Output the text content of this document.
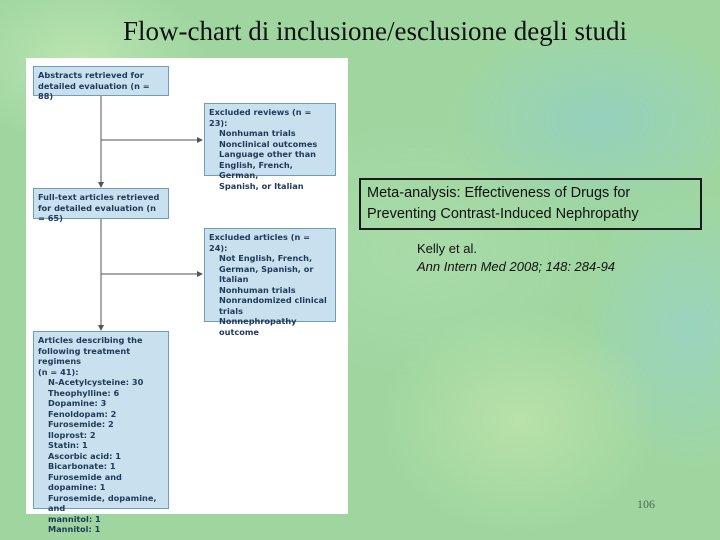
Flow-chart di inclusione/esclusione degli studi

Abstracts retrieved for detailed evaluation (n = 88)

Excluded reviews (n = 23):

Nonhuman trials
Nonclinical outcomes
Language other than
English, French, German,
Spanish, or Italian

Full-text articles retrieved for detailed evaluation (n = 65)

Excluded articles (n = 24):

Not English, French,
German, Spanish, or
Italian
Nonhuman trials
Nonrandomized clinical
trials
Nonnephropathy outcome
Articles describing the
following treatment regimens
(n = 41):
N-Acetylcysteine: 30
Theophylline: 6
Dopamine: 3
Fenoldopam: 2
Furosemide: 2
Iloprost: 2
Statin: 1
Ascorbic acid: 1
Bicarbonate: 1
Furosemide and dopamine: 1
Furosemide, dopamine, and
mannitol: 1
Mannitol: 1
Meta-analysis: Effectiveness of Drugs for
Preventing Contrast-Induced Nephropathy
Kelly et al.
Ann Intern Med 2008; 148: 284-94
106
